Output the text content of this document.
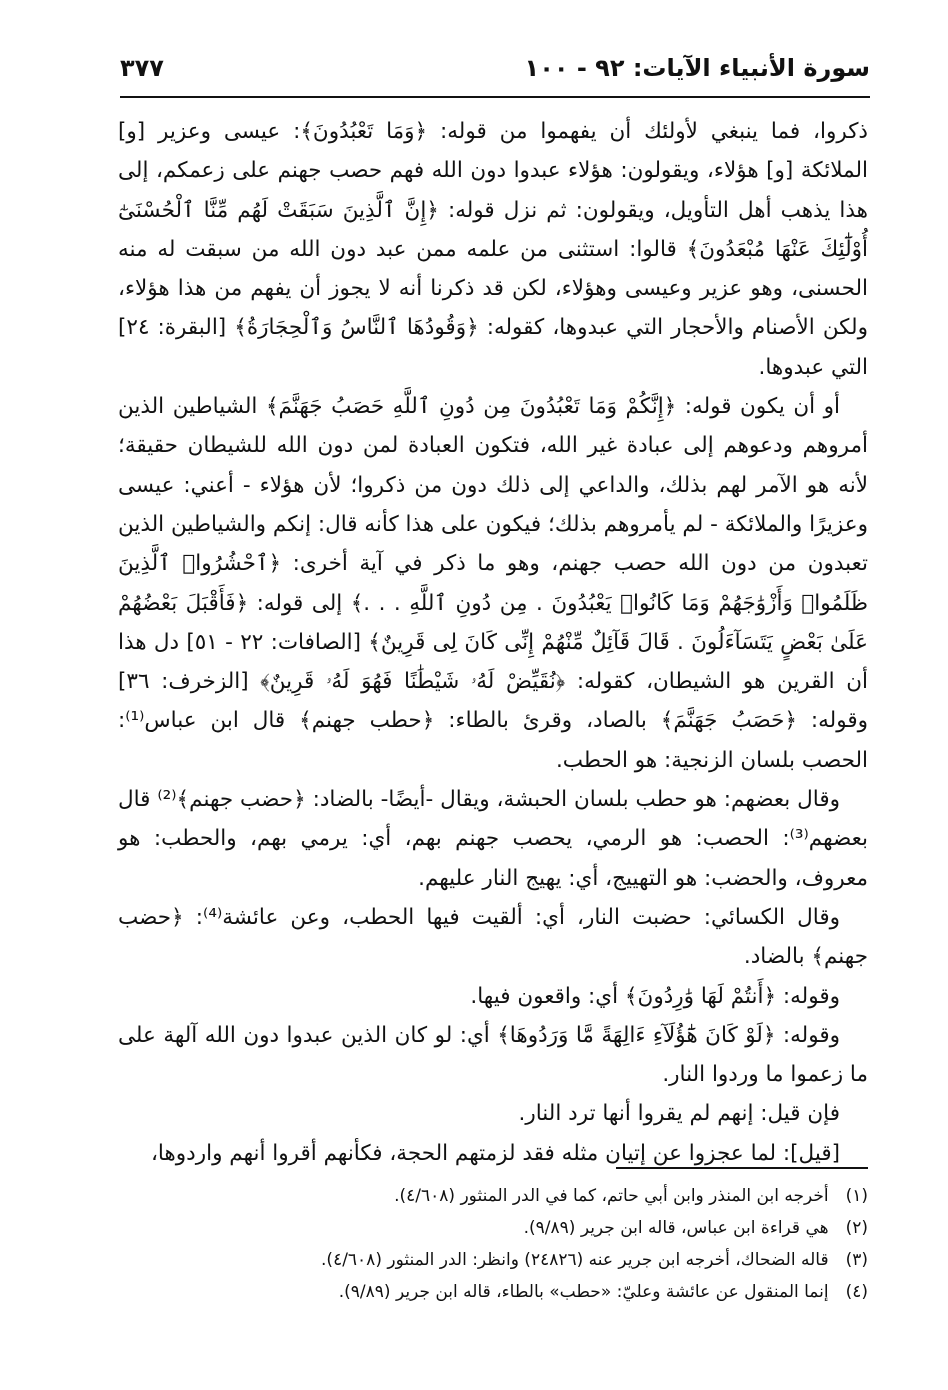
سورة الأنبياء الآيات: ٩٢ - ١٠٠
٣٧٧

ذكروا، فما ينبغي لأولئك أن يفهموا من قوله: ﴿وَمَا تَعْبُدُونَ﴾: عيسى وعزير [و] الملائكة [و] هؤلاء، ويقولون: هؤلاء عبدوا دون الله فهم حصب جهنم على زعمكم، إلى هذا يذهب أهل التأويل، ويقولون: ثم نزل قوله: ﴿إِنَّ ٱلَّذِينَ سَبَقَتْ لَهُم مِّنَّا ٱلْحُسْنَىٰٓ أُوْلَٰٓئِكَ عَنْهَا مُبْعَدُونَ﴾ قالوا: استثنى من علمه ممن عبد دون الله من سبقت له منه الحسنى، وهو عزير وعيسى وهؤلاء، لكن قد ذكرنا أنه لا يجوز أن يفهم من هذا هؤلاء، ولكن الأصنام والأحجار التي عبدوها، كقوله: ﴿وَقُودُهَا ٱلنَّاسُ وَٱلْحِجَارَةُ﴾ [البقرة: ٢٤] التي عبدوها.

أو أن يكون قوله: ﴿إِنَّكُمْ وَمَا تَعْبُدُونَ مِن دُونِ ٱللَّهِ حَصَبُ جَهَنَّمَ﴾ الشياطين الذين أمروهم ودعوهم إلى عبادة غير الله، فتكون العبادة لمن دون الله للشيطان حقيقة؛ لأنه هو الآمر لهم بذلك، والداعي إلى ذلك دون من ذكروا؛ لأن هؤلاء - أعني: عيسى وعزيرًا والملائكة - لم يأمروهم بذلك؛ فيكون على هذا كأنه قال: إنكم والشياطين الذين تعبدون من دون الله حصب جهنم، وهو ما ذكر في آية أخرى: ﴿ٱحْشُرُوا۟ ٱلَّذِينَ ظَلَمُوا۟ وَأَزْوَٰجَهُمْ وَمَا كَانُوا۟ يَعْبُدُونَ . مِن دُونِ ٱللَّهِ . . .﴾ إلى قوله: ﴿فَأَقْبَلَ بَعْضُهُمْ عَلَىٰ بَعْضٍ يَتَسَآءَلُونَ . قَالَ قَآئِلٌ مِّنْهُمْ إِنِّى كَانَ لِى قَرِينٌ﴾ [الصافات: ٢٢ - ٥١] دل هذا أن القرين هو الشيطان، كقوله: ﴿نُقَيِّضْ لَهُۥ شَيْطَٰنًا فَهُوَ لَهُۥ قَرِينٌ﴾ [الزخرف: ٣٦] وقوله: ﴿حَصَبُ جَهَنَّمَ﴾ بالصاد، وقرئ بالطاء: ﴿حطب جهنم﴾ قال ابن عباس⁽¹⁾: الحصب بلسان الزنجية: هو الحطب.

وقال بعضهم: هو حطب بلسان الحبشة، ويقال -أيضًا- بالضاد: ﴿حضب جهنم﴾⁽²⁾ قال بعضهم⁽³⁾: الحصب: هو الرمي، يحصب جهنم بهم، أي: يرمي بهم، والحطب: هو معروف، والحضب: هو التهييج، أي: يهيج النار عليهم.

وقال الكسائي: حضبت النار، أي: ألقيت فيها الحطب، وعن عائشة⁽⁴⁾: ﴿حضب جهنم﴾ بالضاد.

وقوله: ﴿أَنتُمْ لَهَا وَٰرِدُونَ﴾ أي: واقعون فيها.

وقوله: ﴿لَوْ كَانَ هَٰٓؤُلَآءِ ءَالِهَةً مَّا وَرَدُوهَا﴾ أي: لو كان الذين عبدوا دون الله آلهة على ما زعموا ما وردوا النار.

فإن قيل: إنهم لم يقروا أنها ترد النار.

[قيل]: لما عجزوا عن إتيان مثله فقد لزمتهم الحجة، فكأنهم أقروا أنهم واردوها،

(١) أخرجه ابن المنذر وابن أبي حاتم، كما في الدر المنثور (٤/٦٠٨).

(٢) هي قراءة ابن عباس، قاله ابن جرير (٩/٨٩).

(٣) قاله الضحاك، أخرجه ابن جرير عنه (٢٤٨٢٦) وانظر: الدر المنثور (٤/٦٠٨).

(٤) إنما المنقول عن عائشة وعليّ: «حطب» بالطاء، قاله ابن جرير (٩/٨٩).
